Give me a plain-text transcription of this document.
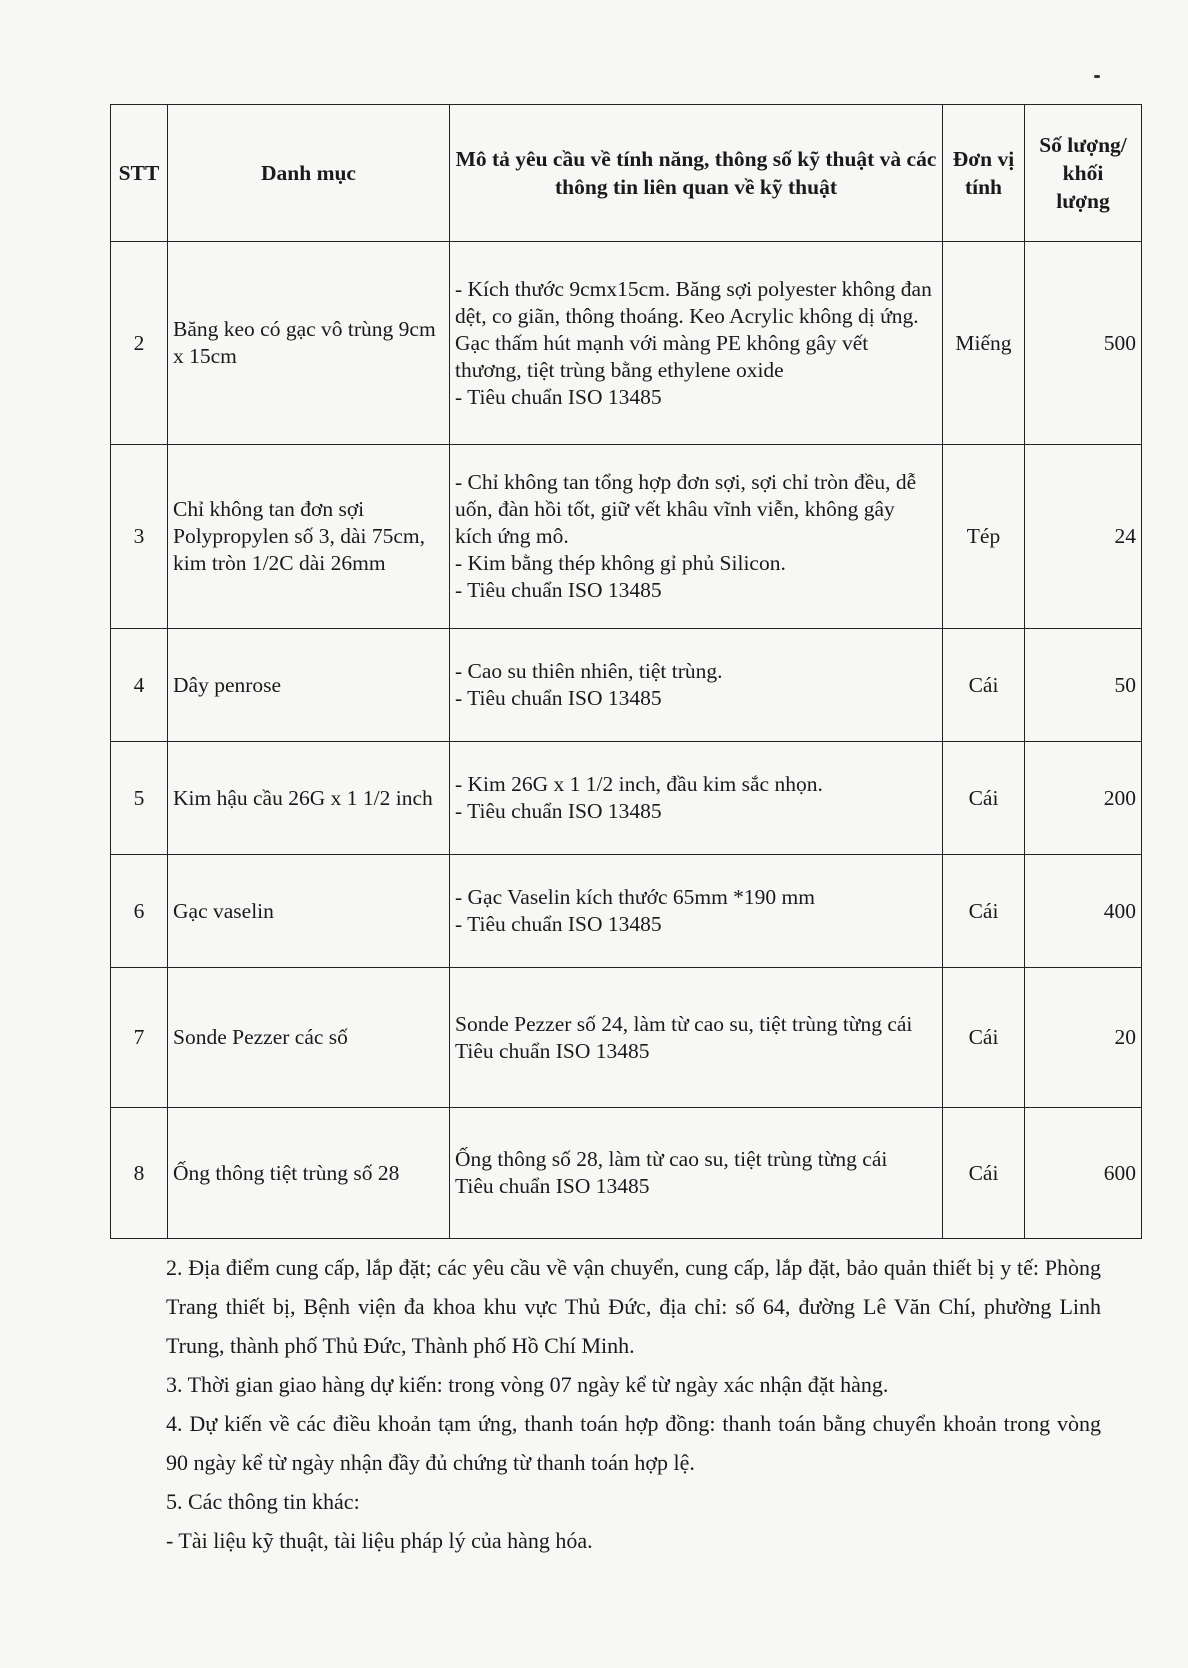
STT	Danh mục	Mô tả yêu cầu về tính năng, thông số kỹ thuật và các thông tin liên quan về kỹ thuật	Đơn vị tính	Số lượng/ khối lượng
2	Băng keo có gạc vô trùng 9cm x 15cm	- Kích thước 9cmx15cm. Băng sợi polyester không đan dệt, co giãn, thông thoáng. Keo Acrylic không dị ứng. Gạc thấm hút mạnh với màng PE không gây vết thương, tiệt trùng bằng ethylene oxide
- Tiêu chuẩn ISO 13485	Miếng	500
3	Chỉ không tan đơn sợi Polypropylen số 3, dài 75cm, kim tròn 1/2C dài 26mm	- Chỉ không tan tổng hợp đơn sợi, sợi chỉ tròn đều, dễ uốn, đàn hồi tốt, giữ vết khâu vĩnh viễn, không gây kích ứng mô.
- Kim bằng thép không gỉ phủ Silicon.
- Tiêu chuẩn ISO 13485	Tép	24
4	Dây penrose	- Cao su thiên nhiên, tiệt trùng.
- Tiêu chuẩn ISO 13485	Cái	50
5	Kim hậu cầu 26G x 1 1/2 inch	- Kim 26G x 1 1/2 inch, đầu kim sắc nhọn.
- Tiêu chuẩn ISO 13485	Cái	200
6	Gạc vaselin	- Gạc Vaselin kích thước 65mm *190 mm
- Tiêu chuẩn ISO 13485	Cái	400
7	Sonde Pezzer các số	Sonde Pezzer số 24, làm từ cao su, tiệt trùng từng cái
Tiêu chuẩn ISO 13485	Cái	20
8	Ống thông tiệt trùng số 28	Ống thông số 28, làm từ cao su, tiệt trùng từng cái
Tiêu chuẩn ISO 13485	Cái	600

2. Địa điểm cung cấp, lắp đặt; các yêu cầu về vận chuyển, cung cấp, lắp đặt, bảo quản thiết bị y tế: Phòng Trang thiết bị, Bệnh viện đa khoa khu vực Thủ Đức, địa chỉ: số 64, đường Lê Văn Chí, phường Linh Trung, thành phố Thủ Đức, Thành phố Hồ Chí Minh.

3. Thời gian giao hàng dự kiến: trong vòng 07 ngày kể từ ngày xác nhận đặt hàng.

4. Dự kiến về các điều khoản tạm ứng, thanh toán hợp đồng: thanh toán bằng chuyển khoản trong vòng 90 ngày kể từ ngày nhận đầy đủ chứng từ thanh toán hợp lệ.

5. Các thông tin khác:

- Tài liệu kỹ thuật, tài liệu pháp lý của hàng hóa.
